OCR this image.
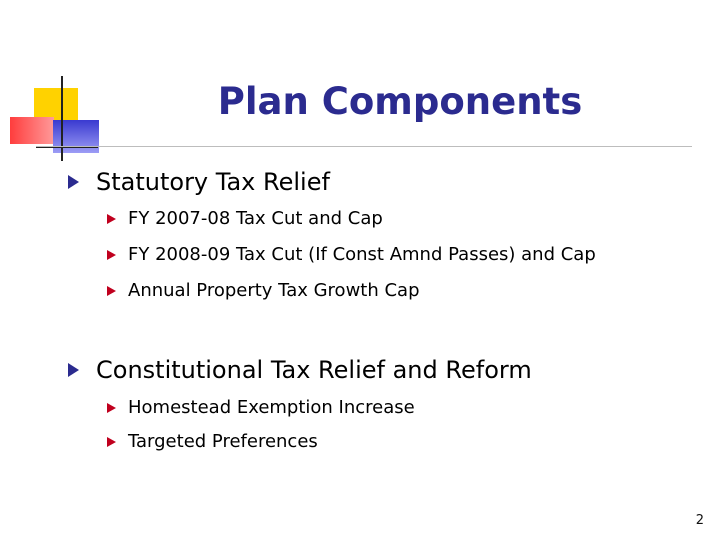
Plan Components
Statutory Tax Relief
FY 2007-08 Tax Cut and Cap
FY 2008-09 Tax Cut (If Const Amnd Passes) and Cap
Annual Property Tax Growth Cap
Constitutional Tax Relief and Reform
Homestead Exemption Increase
Targeted Preferences
2
